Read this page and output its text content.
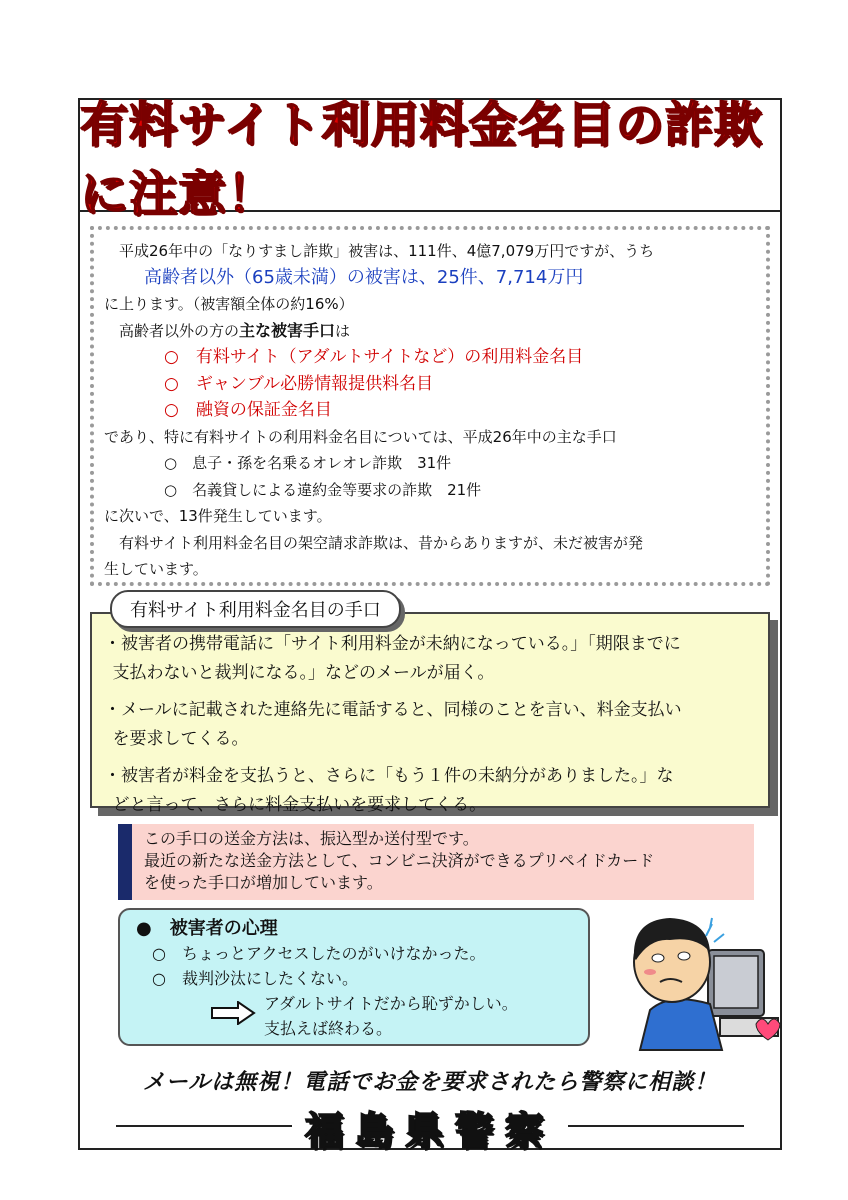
有料サイト利用料金名目の詐欺に注意！

 平成26年中の「なりすまし詐欺」被害は、111件、4億7,079万円ですが、うち

高齢者以外（65歳未満）の被害は、25件、7,714万円

に上ります。（被害額全体の約16%）

 高齢者以外の方の主な被害手口は

○　有料サイト（アダルトサイトなど）の利用料金名目

○　ギャンブル必勝情報提供料名目

○　融資の保証金名目

であり、特に有料サイトの利用料金名目については、平成26年中の主な手口

○　息子・孫を名乗るオレオレ詐欺　31件

○　名義貸しによる違約金等要求の詐欺　21件

に次いで、13件発生しています。

 有料サイト利用料金名目の架空請求詐欺は、昔からありますが、未だ被害が発

生しています。

有料サイト利用料金名目の手口

・被害者の携帯電話に「サイト利用料金が未納になっている。」「期限までに
 支払わないと裁判になる。」などのメールが届く。

・メールに記載された連絡先に電話すると、同様のことを言い、料金支払い
 を要求してくる。

・被害者が料金を支払うと、さらに「もう１件の未納分がありました。」な
 どと言って、さらに料金支払いを要求してくる。

この手口の送金方法は、振込型か送付型です。

最近の新たな送金方法として、コンビニ決済ができるプリペイドカード

を使った手口が増加しています。

●　被害者の心理

○　ちょっとアクセスしたのがいけなかった。

○　裁判沙汰にしたくない。

アダルトサイトだから恥ずかしい。

支払えば終わる。

メールは無視！電話でお金を要求されたら警察に相談！
福島県警察
